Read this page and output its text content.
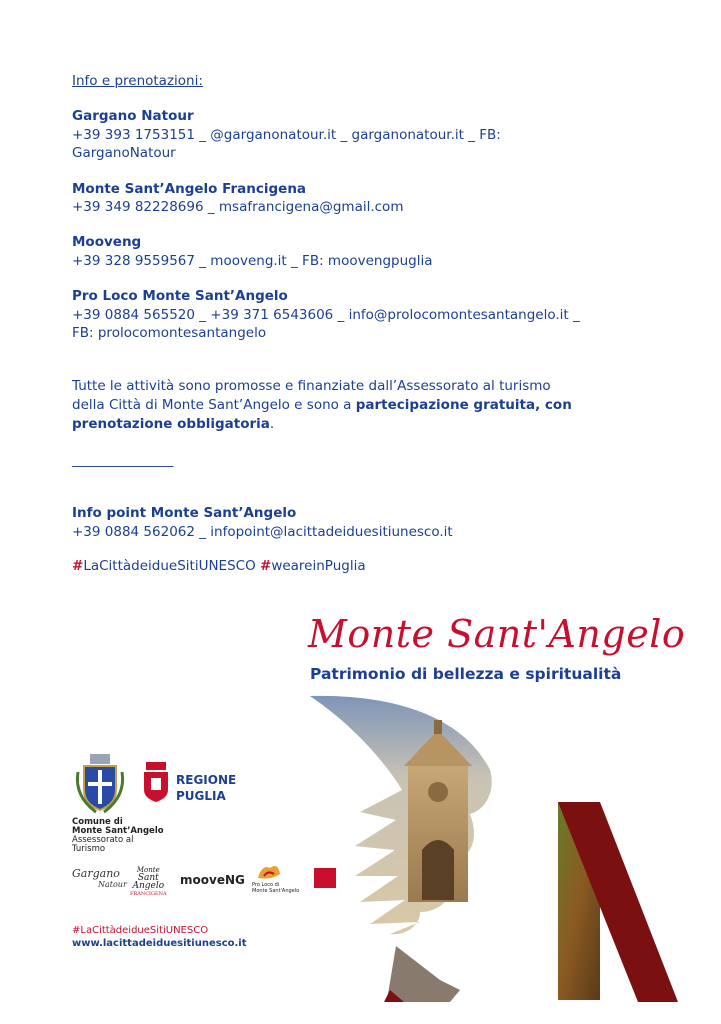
Info e prenotazioni:
Gargano Natour
+39 393 1753151 _ @garganonatour.it _ garganonatour.it _ FB:
GarganoNatour
Monte Sant’Angelo Francigena
+39 349 82228696 _ msafrancigena@gmail.com
Mooveng
+39 328 9559567 _ mooveng.it _ FB: moovengpuglia
Pro Loco Monte Sant’Angelo
+39 0884 565520 _ +39 371 6543606 _ info@prolocomontesantangelo.it _
FB: prolocomontesantangelo
Tutte le attività sono promosse e finanziate dall’Assessorato al turismo
della Città di Monte Sant’Angelo e sono a partecipazione gratuita, con
prenotazione obbligatoria.
_______________
Info point Monte Sant’Angelo
+39 0884 562062 _ infopoint@lacittadeiduesitiunesco.it
#LaCittàdeidueSitiUNESCO #weareinPuglia
Monte Sant'Angelo
Patrimonio di bellezza e spiritualità
Comune di
Monte Sant’Angelo
Assessorato al
Turismo
REGIONE
PUGLIA
Gargano
Natour
Monte
Sant
Angelo
FRANCIGENA
mooveNG Pro Loco di
Monte Sant'Angelo
#LaCittàdeidueSitiUNESCO
www.lacittadeiduesitiunesco.it
